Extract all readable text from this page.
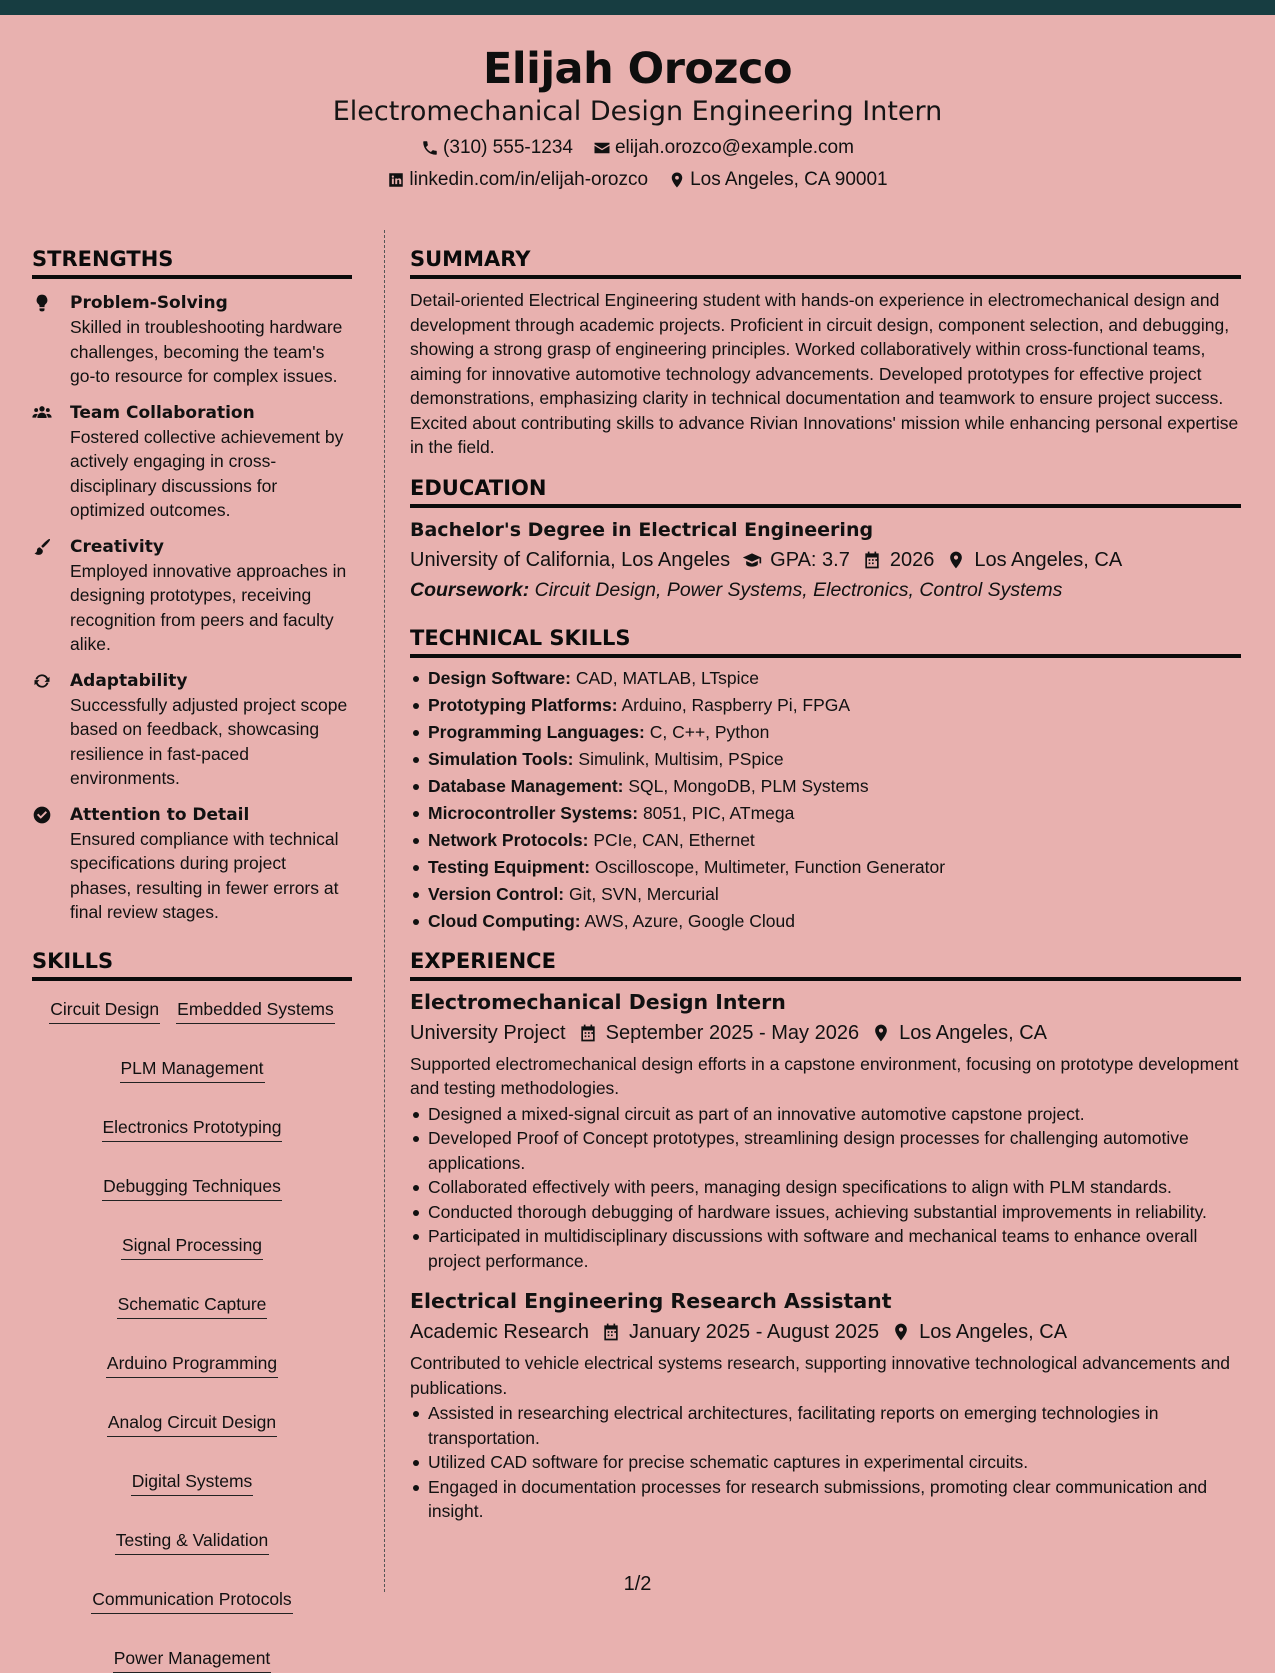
Elijah Orozco
Electromechanical Design Engineering Intern
(310) 555-1234 elijah.orozco@example.com
linkedin.com/in/elijah-orozco Los Angeles, CA 90001
STRENGTHS
Problem-Solving
Skilled in troubleshooting hardware challenges, becoming the team's go-to resource for complex issues.
Team Collaboration
Fostered collective achievement by actively engaging in cross-disciplinary discussions for optimized outcomes.
Creativity
Employed innovative approaches in designing prototypes, receiving recognition from peers and faculty alike.
Adaptability
Successfully adjusted project scope based on feedback, showcasing resilience in fast-paced environments.
Attention to Detail
Ensured compliance with technical specifications during project phases, resulting in fewer errors at final review stages.
SKILLS
Circuit Design Embedded Systems
PLM Management
Electronics Prototyping
Debugging Techniques
Signal Processing
Schematic Capture
Arduino Programming
Analog Circuit Design
Digital Systems
Testing & Validation
Communication Protocols
Power Management
SUMMARY
Detail-oriented Electrical Engineering student with hands-on experience in electromechanical design and development through academic projects. Proficient in circuit design, component selection, and debugging, showing a strong grasp of engineering principles. Worked collaboratively within cross-functional teams, aiming for innovative automotive technology advancements. Developed prototypes for effective project demonstrations, emphasizing clarity in technical documentation and teamwork to ensure project success. Excited about contributing skills to advance Rivian Innovations' mission while enhancing personal expertise in the field.
EDUCATION
Bachelor's Degree in Electrical Engineering
University of California, Los Angeles GPA: 3.7 2026 Los Angeles, CA
Coursework: Circuit Design, Power Systems, Electronics, Control Systems
TECHNICAL SKILLS
Design Software: CAD, MATLAB, LTspice
Prototyping Platforms: Arduino, Raspberry Pi, FPGA
Programming Languages: C, C++, Python
Simulation Tools: Simulink, Multisim, PSpice
Database Management: SQL, MongoDB, PLM Systems
Microcontroller Systems: 8051, PIC, ATmega
Network Protocols: PCIe, CAN, Ethernet
Testing Equipment: Oscilloscope, Multimeter, Function Generator
Version Control: Git, SVN, Mercurial
Cloud Computing: AWS, Azure, Google Cloud
EXPERIENCE
Electromechanical Design Intern
University Project September 2025 - May 2026 Los Angeles, CA
Supported electromechanical design efforts in a capstone environment, focusing on prototype development and testing methodologies.
Designed a mixed-signal circuit as part of an innovative automotive capstone project.
Developed Proof of Concept prototypes, streamlining design processes for challenging automotive applications.
Collaborated effectively with peers, managing design specifications to align with PLM standards.
Conducted thorough debugging of hardware issues, achieving substantial improvements in reliability.
Participated in multidisciplinary discussions with software and mechanical teams to enhance overall project performance.
Electrical Engineering Research Assistant
Academic Research January 2025 - August 2025 Los Angeles, CA
Contributed to vehicle electrical systems research, supporting innovative technological advancements and publications.
Assisted in researching electrical architectures, facilitating reports on emerging technologies in transportation.
Utilized CAD software for precise schematic captures in experimental circuits.
Engaged in documentation processes for research submissions, promoting clear communication and insight.
1/2
